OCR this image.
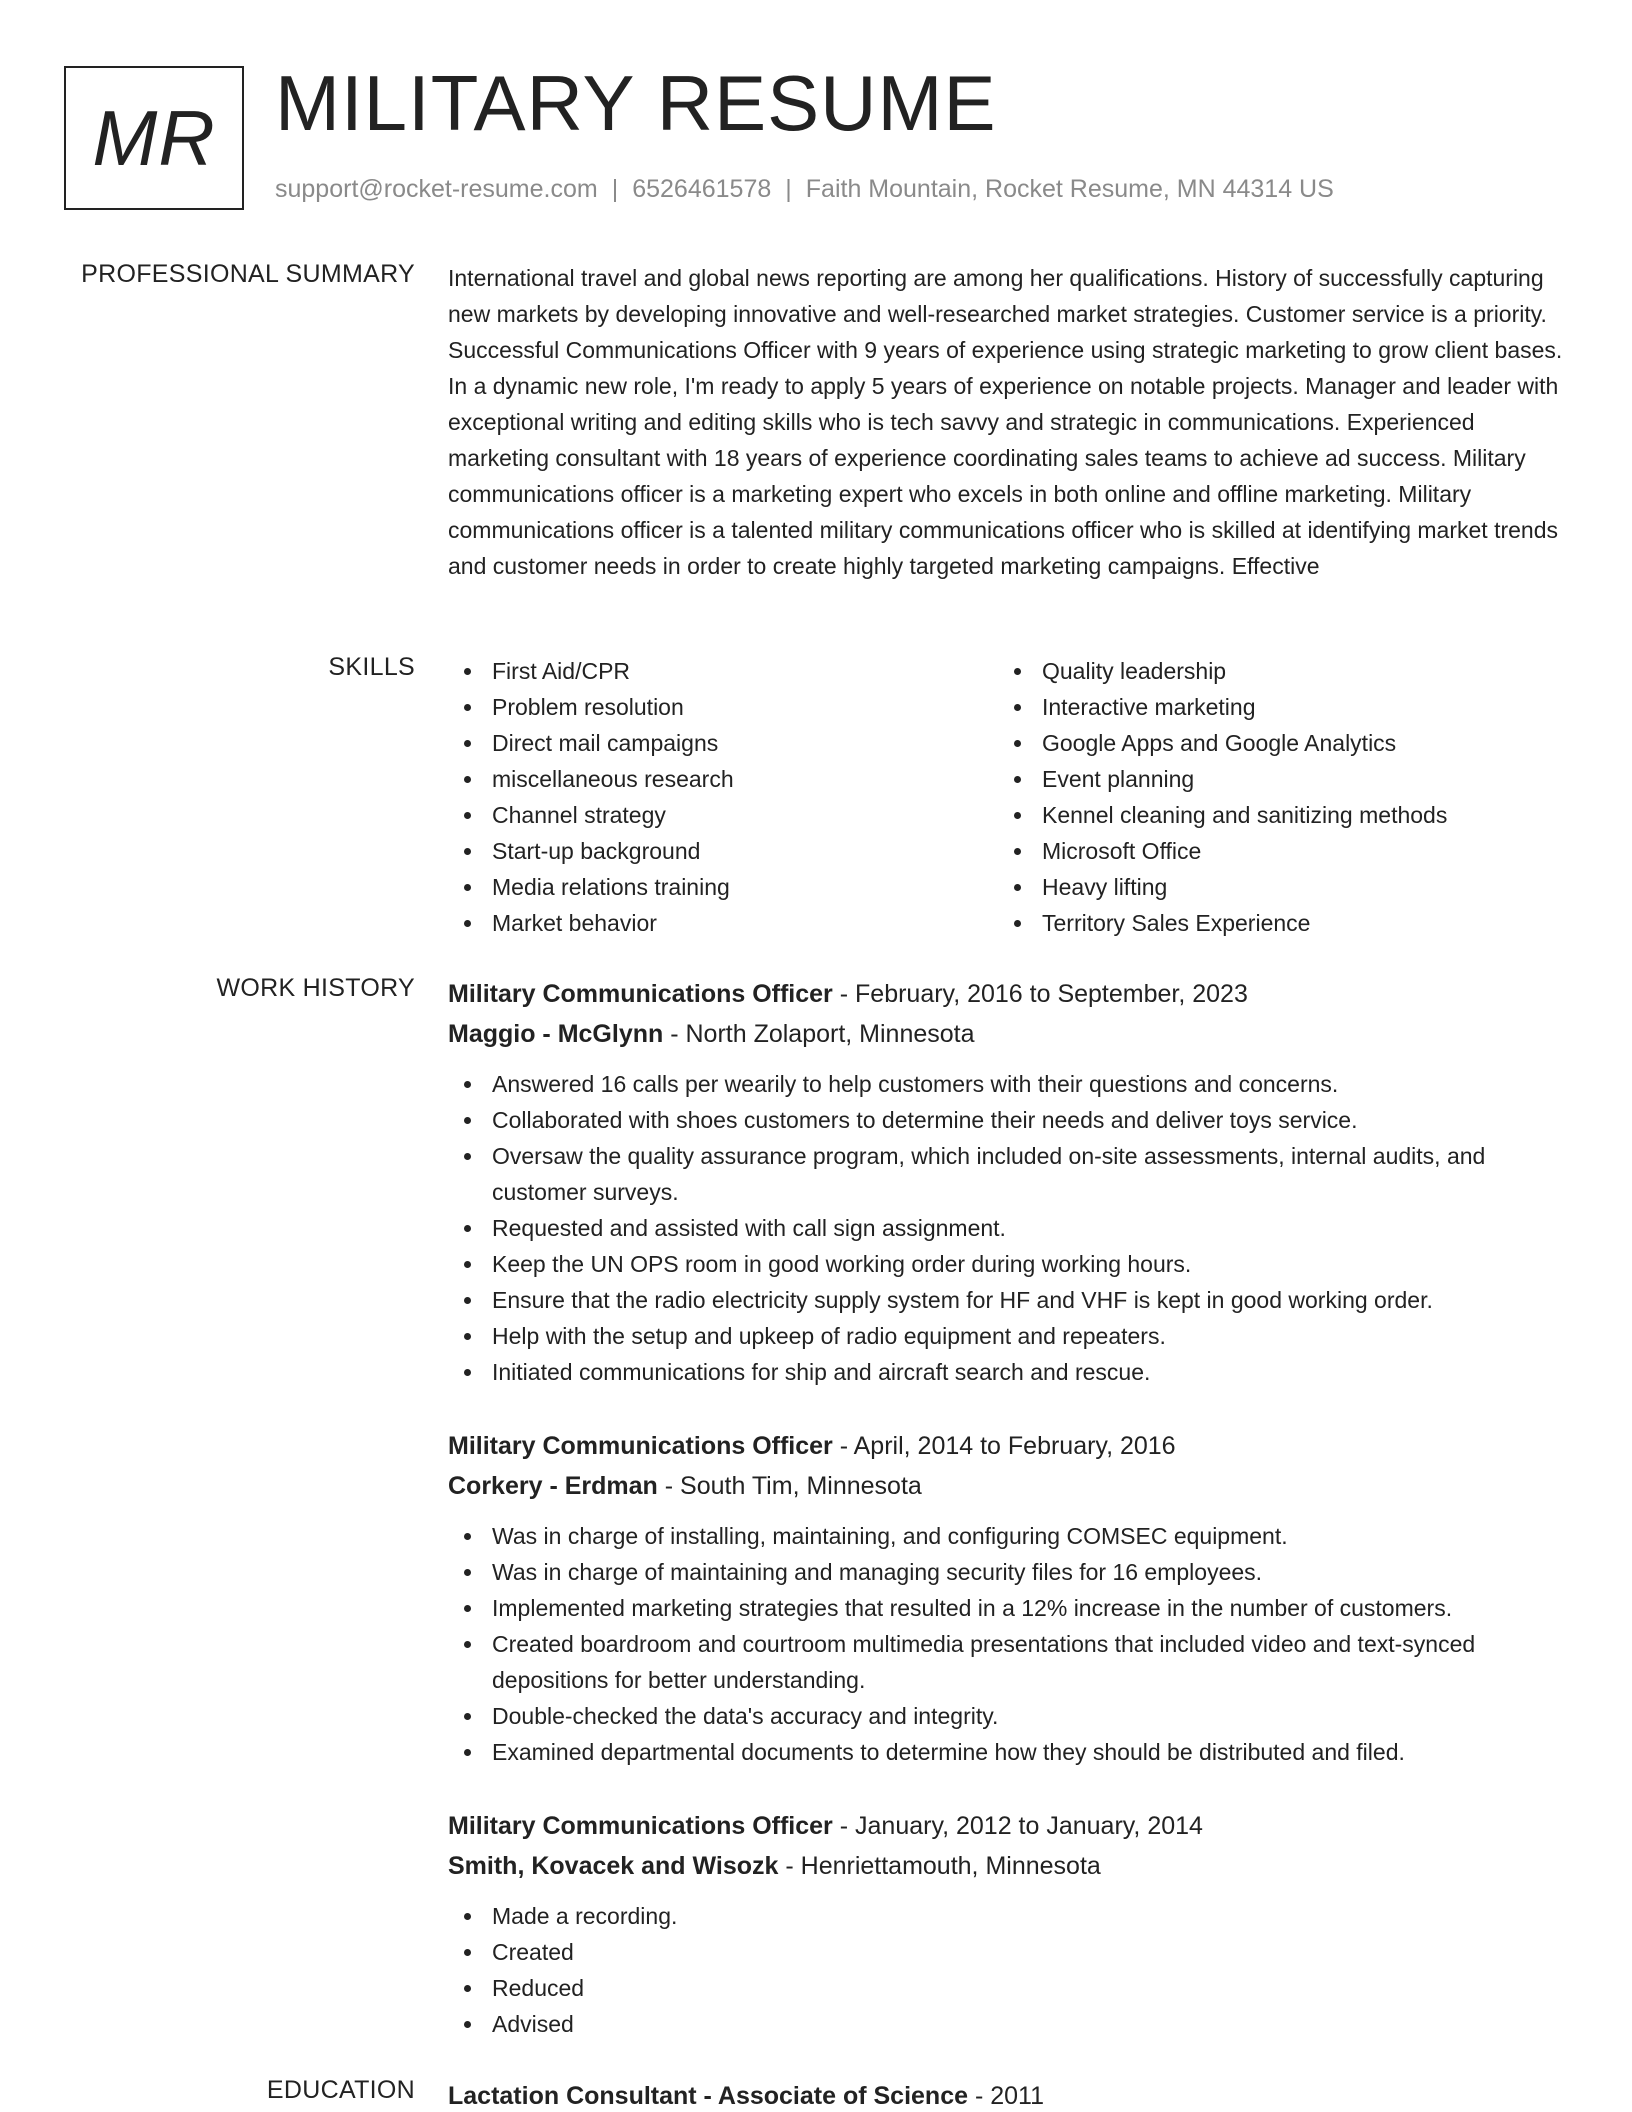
MR MILITARY RESUME
support@rocket-resume.com | 6526461578 | Faith Mountain, Rocket Resume, MN 44314 US
PROFESSIONAL SUMMARY International travel and global news reporting are among her qualifications. History of successfully capturing new markets by developing innovative and well-researched market strategies. Customer service is a priority. Successful Communications Officer with 9 years of experience using strategic marketing to grow client bases. In a dynamic new role, I'm ready to apply 5 years of experience on notable projects. Manager and leader with exceptional writing and editing skills who is tech savvy and strategic in communications. Experienced marketing consultant with 18 years of experience coordinating sales teams to achieve ad success. Military communications officer is a marketing expert who excels in both online and offline marketing. Military communications officer is a talented military communications officer who is skilled at identifying market trends and customer needs in order to create highly targeted marketing campaigns. Effective
SKILLS	First Aid/CPR
Problem resolution
Direct mail campaigns
miscellaneous research
Channel strategy
Start-up background
Media relations training
Market behavior
Quality leadership
Interactive marketing
Google Apps and Google Analytics
Event planning
Kennel cleaning and sanitizing methods
Microsoft Office
Heavy lifting
Territory Sales Experience
WORK HISTORY Military Communications Officer - February, 2016 to September, 2023
Maggio - McGlynn - North Zolaport, Minnesota
Answered 16 calls per wearily to help customers with their questions and concerns.
Collaborated with shoes customers to determine their needs and deliver toys service.
Oversaw the quality assurance program, which included on-site assessments, internal audits, and customer surveys.
Requested and assisted with call sign assignment.
Keep the UN OPS room in good working order during working hours.
Ensure that the radio electricity supply system for HF and VHF is kept in good working order.
Help with the setup and upkeep of radio equipment and repeaters.
Initiated communications for ship and aircraft search and rescue.
Military Communications Officer - April, 2014 to February, 2016
Corkery - Erdman - South Tim, Minnesota
Was in charge of installing, maintaining, and configuring COMSEC equipment.
Was in charge of maintaining and managing security files for 16 employees.
Implemented marketing strategies that resulted in a 12% increase in the number of customers.
Created boardroom and courtroom multimedia presentations that included video and text-synced depositions for better understanding.
Double-checked the data's accuracy and integrity.
Examined departmental documents to determine how they should be distributed and filed.
Military Communications Officer - January, 2012 to January, 2014
Smith, Kovacek and Wisozk - Henriettamouth, Minnesota
Made a recording.
Created
Reduced
Advised
EDUCATION Lactation Consultant - Associate of Science - 2011
